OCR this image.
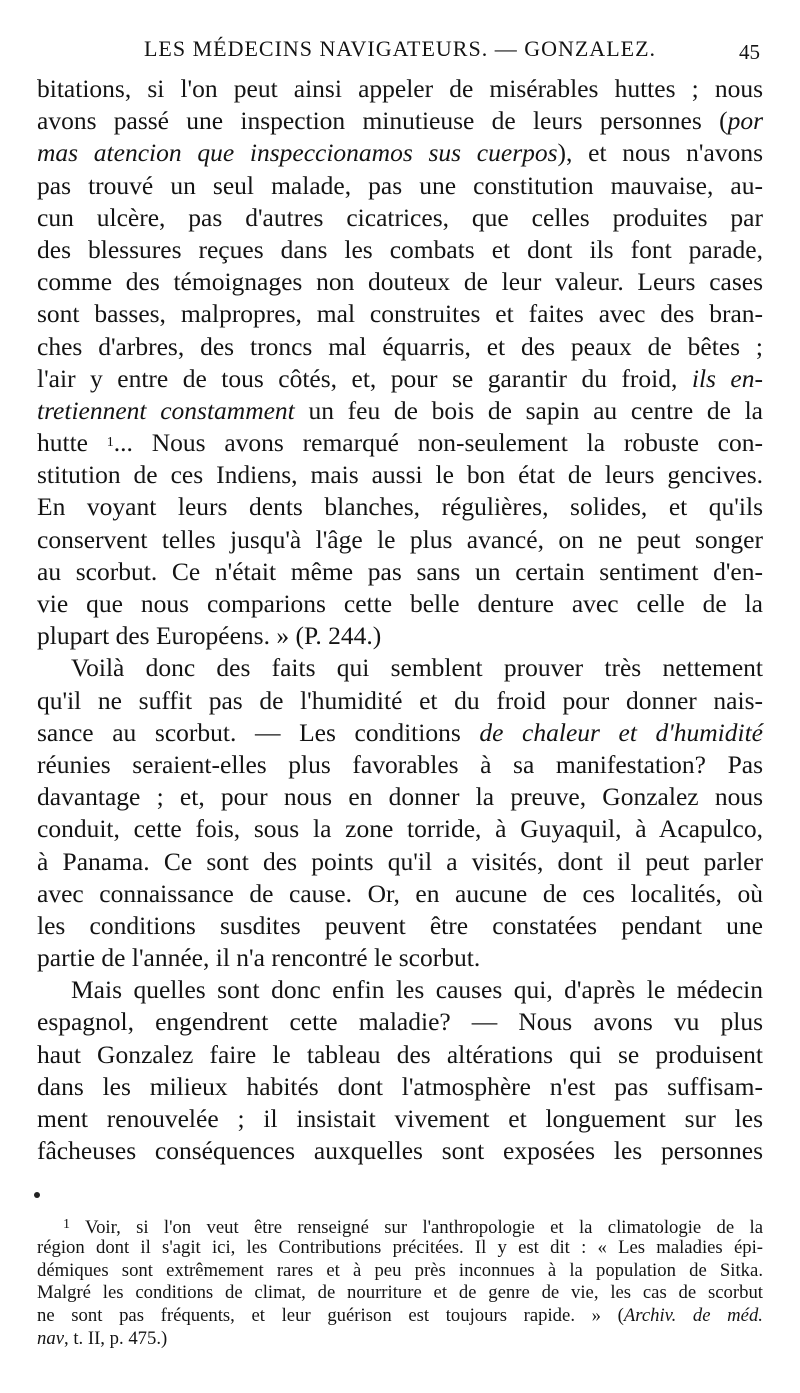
LES MÉDECINS NAVIGATEURS. — GONZALEZ.	45
bitations, si l'on peut ainsi appeler de misérables huttes ; nous
avons passé une inspection minutieuse de leurs personnes (por
mas atencion que inspeccionamos sus cuerpos), et nous n'avons
pas trouvé un seul malade, pas une constitution mauvaise, au-
cun ulcère, pas d'autres cicatrices, que celles produites par
des blessures reçues dans les combats et dont ils font parade,
comme des témoignages non douteux de leur valeur. Leurs cases
sont basses, malpropres, mal construites et faites avec des bran-
ches d'arbres, des troncs mal équarris, et des peaux de bêtes ;
l'air y entre de tous côtés, et, pour se garantir du froid, ils en-
tretiennent constamment un feu de bois de sapin au centre de la
hutte 1... Nous avons remarqué non-seulement la robuste con-
stitution de ces Indiens, mais aussi le bon état de leurs gencives.
En voyant leurs dents blanches, régulières, solides, et qu'ils
conservent telles jusqu'à l'âge le plus avancé, on ne peut songer
au scorbut. Ce n'était même pas sans un certain sentiment d'en-
vie que nous comparions cette belle denture avec celle de la
plupart des Européens. » (P. 244.)
Voilà donc des faits qui semblent prouver très nettement
qu'il ne suffit pas de l'humidité et du froid pour donner nais-
sance au scorbut. — Les conditions de chaleur et d'humidité
réunies seraient-elles plus favorables à sa manifestation? Pas
davantage ; et, pour nous en donner la preuve, Gonzalez nous
conduit, cette fois, sous la zone torride, à Guyaquil, à Acapulco,
à Panama. Ce sont des points qu'il a visités, dont il peut parler
avec connaissance de cause. Or, en aucune de ces localités, où
les conditions susdites peuvent être constatées pendant une
partie de l'année, il n'a rencontré le scorbut.
Mais quelles sont donc enfin les causes qui, d'après le médecin
espagnol, engendrent cette maladie? — Nous avons vu plus
haut Gonzalez faire le tableau des altérations qui se produisent
dans les milieux habités dont l'atmosphère n'est pas suffisam-
ment renouvelée ; il insistait vivement et longuement sur les
fâcheuses conséquences auxquelles sont exposées les personnes
$^1$ Voir, si l'on veut être renseigné sur l'anthropologie et la climatologie de la
région dont il s'agit ici, les Contributions précitées. Il y est dit : « Les maladies épi-
démiques sont extrêmement rares et à peu près inconnues à la population de Sitka.
Malgré les conditions de climat, de nourriture et de genre de vie, les cas de scorbut
ne sont pas fréquents, et leur guérison est toujours rapide. » (Archiv. de méd.
nav, t. II, p. 475.)
